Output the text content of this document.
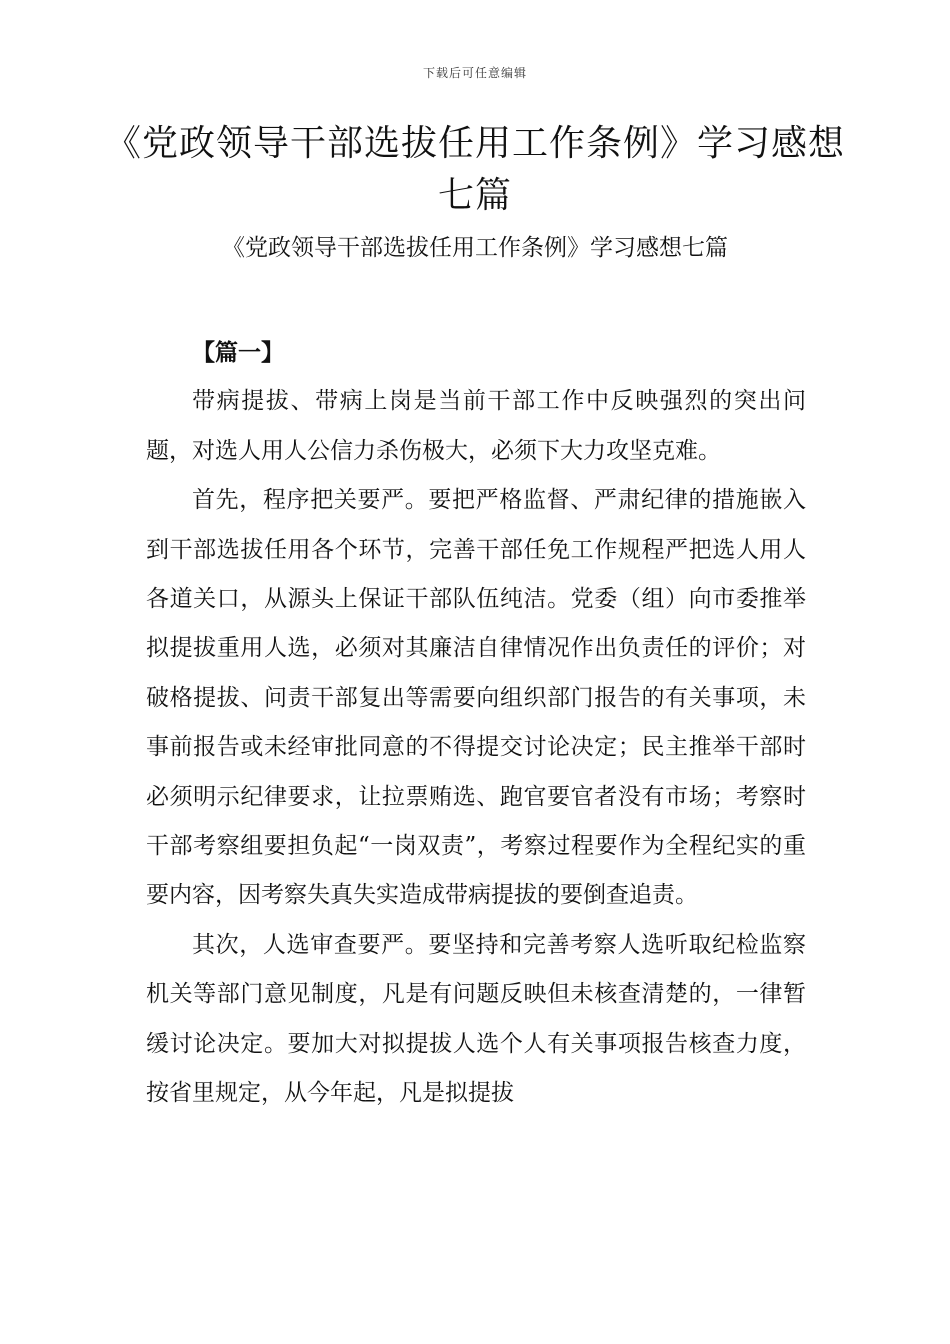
下载后可任意编辑
《党政领导干部选拔任用工作条例》学习感想七篇
《党政领导干部选拔任用工作条例》学习感想七篇

【篇一】

带病提拔、带病上岗是当前干部工作中反映强烈的突出问题，对选人用人公信力杀伤极大，必须下大力攻坚克难。

首先，程序把关要严。要把严格监督、严肃纪律的措施嵌入到干部选拔任用各个环节，完善干部任免工作规程严把选人用人各道关口，从源头上保证干部队伍纯洁。党委（组）向市委推举拟提拔重用人选，必须对其廉洁自律情况作出负责任的评价；对破格提拔、问责干部复出等需要向组织部门报告的有关事项，未事前报告或未经审批同意的不得提交讨论决定；民主推举干部时必须明示纪律要求，让拉票贿选、跑官要官者没有市场；考察时干部考察组要担负起“一岗双责”，考察过程要作为全程纪实的重要内容，因考察失真失实造成带病提拔的要倒查追责。

其次，人选审查要严。要坚持和完善考察人选听取纪检监察机关等部门意见制度，凡是有问题反映但未核查清楚的，一律暂缓讨论决定。要加大对拟提拔人选个人有关事项报告核查力度，按省里规定，从今年起，凡是拟提拔
